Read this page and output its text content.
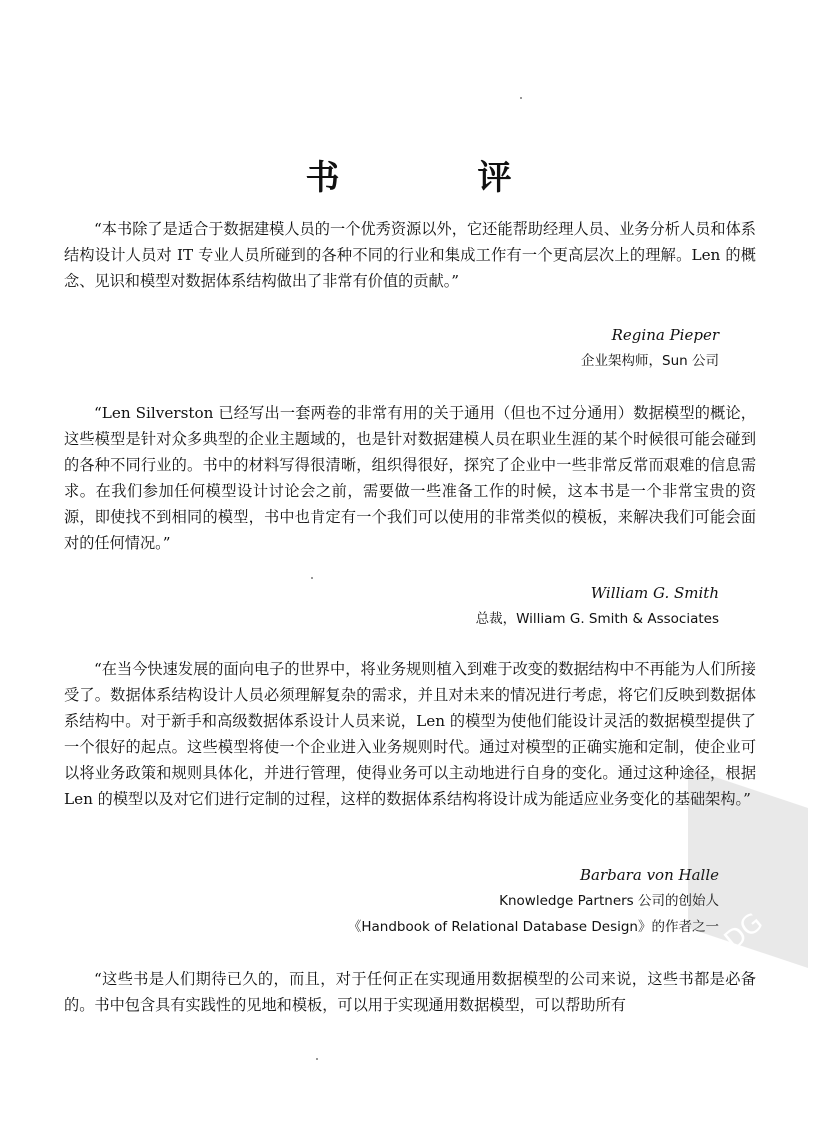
书　评

“本书除了是适合于数据建模人员的一个优秀资源以外，它还能帮助经理人员、业务分析人员和体系结构设计人员对 IT 专业人员所碰到的各种不同的行业和集成工作有一个更高层次上的理解。Len 的概念、见识和模型对数据体系结构做出了非常有价值的贡献。”

Regina Pieper
企业架构师，Sun 公司

“Len Silverston 已经写出一套两卷的非常有用的关于通用（但也不过分通用）数据模型的概论，这些模型是针对众多典型的企业主题域的，也是针对数据建模人员在职业生涯的某个时候很可能会碰到的各种不同行业的。书中的材料写得很清晰，组织得很好，探究了企业中一些非常反常而艰难的信息需求。在我们参加任何模型设计讨论会之前，需要做一些准备工作的时候，这本书是一个非常宝贵的资源，即使找不到相同的模型，书中也肯定有一个我们可以使用的非常类似的模板，来解决我们可能会面对的任何情况。”

William G. Smith
总裁，William G. Smith & Associates

“在当今快速发展的面向电子的世界中，将业务规则植入到难于改变的数据结构中不再能为人们所接受了。数据体系结构设计人员必须理解复杂的需求，并且对未来的情况进行考虑，将它们反映到数据体系结构中。对于新手和高级数据体系设计人员来说，Len 的模型为使他们能设计灵活的数据模型提供了一个很好的起点。这些模型将使一个企业进入业务规则时代。通过对模型的正确实施和定制，使企业可以将业务政策和规则具体化，并进行管理，使得业务可以主动地进行自身的变化。通过这种途径，根据 Len 的模型以及对它们进行定制的过程，这样的数据体系结构将设计成为能适应业务变化的基础架构。”

Barbara von Halle
Knowledge Partners 公司的创始人
《Handbook of Relational Database Design》的作者之一

“这些书是人们期待已久的，而且，对于任何正在实现通用数据模型的公司来说，这些书都是必备的。书中包含具有实践性的见地和模板，可以用于实现通用数据模型，可以帮助所有

PDG
